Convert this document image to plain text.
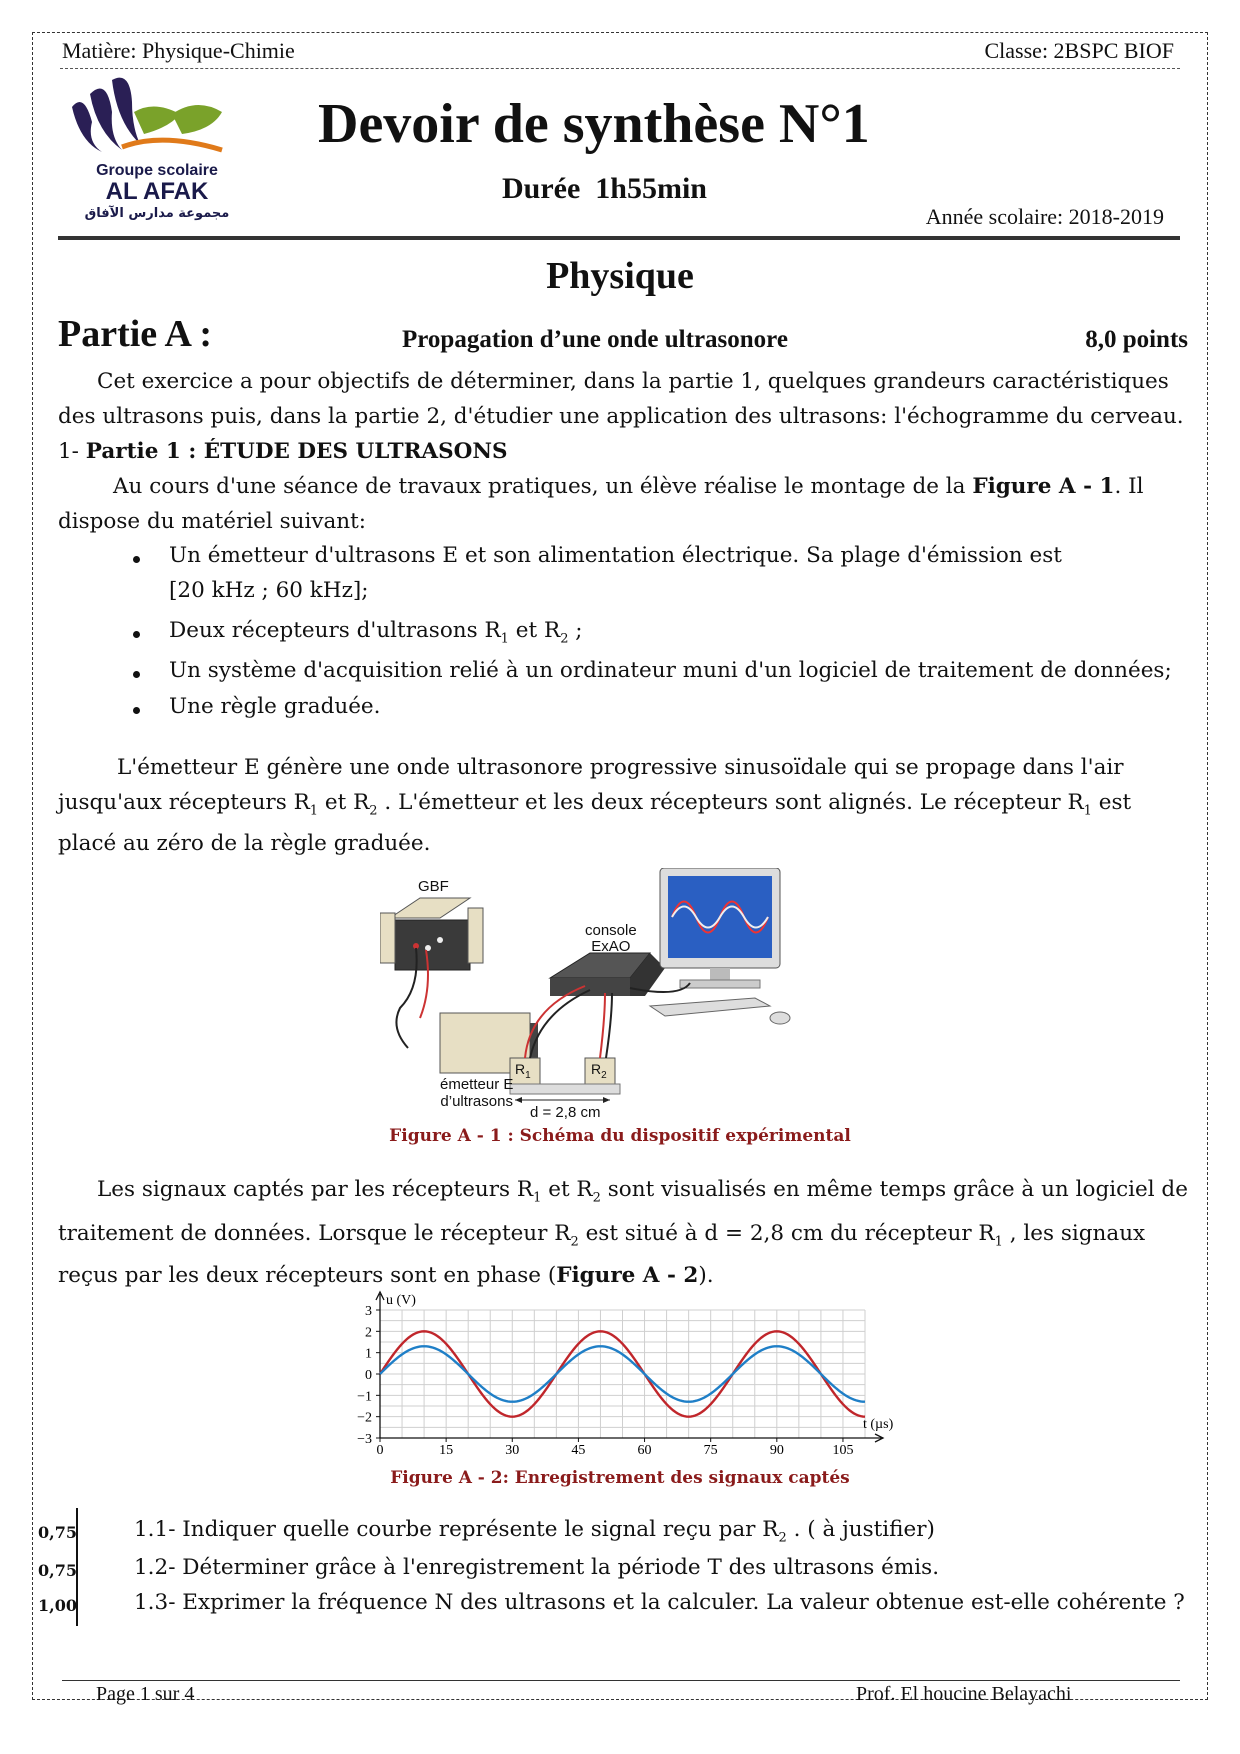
Matière: Physique-Chimie	Classe: 2BSPC BIOF
Groupe scolaire
AL AFAK
مجموعة مدارس الآفاق
Devoir de synthèse N°1
Durée 1h55min
Année scolaire: 2018-2019
Physique
Partie A :	Propagation d’une onde ultrasonore	8,0 points
Cet exercice a pour objectifs de déterminer, dans la partie 1, quelques grandeurs caractéristiques
des ultrasons puis, dans la partie 2, d'étudier une application des ultrasons: l'échogramme du cerveau.
1- Partie 1 : ÉTUDE DES ULTRASONS
Au cours d'une séance de travaux pratiques, un élève réalise le montage de la Figure A - 1. Il
dispose du matériel suivant:
Un émetteur d'ultrasons E et son alimentation électrique. Sa plage d'émission est
[20 kHz ; 60 kHz];
Deux récepteurs d'ultrasons $R_1$ et $R_2$ ;
Un système d'acquisition relié à un ordinateur muni d'un logiciel de traitement de données;
Une règle graduée.
L'émetteur E génère une onde ultrasonore progressive sinusoïdale qui se propage dans l'air
jusqu'aux récepteurs $R_1$ et $R_2$ . L'émetteur et les deux récepteurs sont alignés. Le récepteur $R_1$ est
placé au zéro de la règle graduée.
GBF
console
ExAO
$R_1$	$R_2$
émetteur E
d’ultrasons
d = 2,8 cm
Figure A - 1 : Schéma du dispositif expérimental
Les signaux captés par les récepteurs $R_1$ et $R_2$ sont visualisés en même temps grâce à un logiciel de
traitement de données. Lorsque le récepteur $R_2$ est situé à d = 2,8 cm du récepteur $R_1$ , les signaux
reçus par les deux récepteurs sont en phase (Figure A - 2).
0	15	30	45	60	75	90	105
3
2
1
0
−1
−2
−3
u (V)
t (µs)
Figure A - 2: Enregistrement des signaux captés
0,75	1.1- Indiquer quelle courbe représente le signal reçu par $R_2$ . ( à justifier)
0,75	1.2- Déterminer grâce à l'enregistrement la période T des ultrasons émis.
1,00	1.3- Exprimer la fréquence N des ultrasons et la calculer. La valeur obtenue est-elle cohérente ?
Page 1 sur 4	Prof. El houcine Belayachi
